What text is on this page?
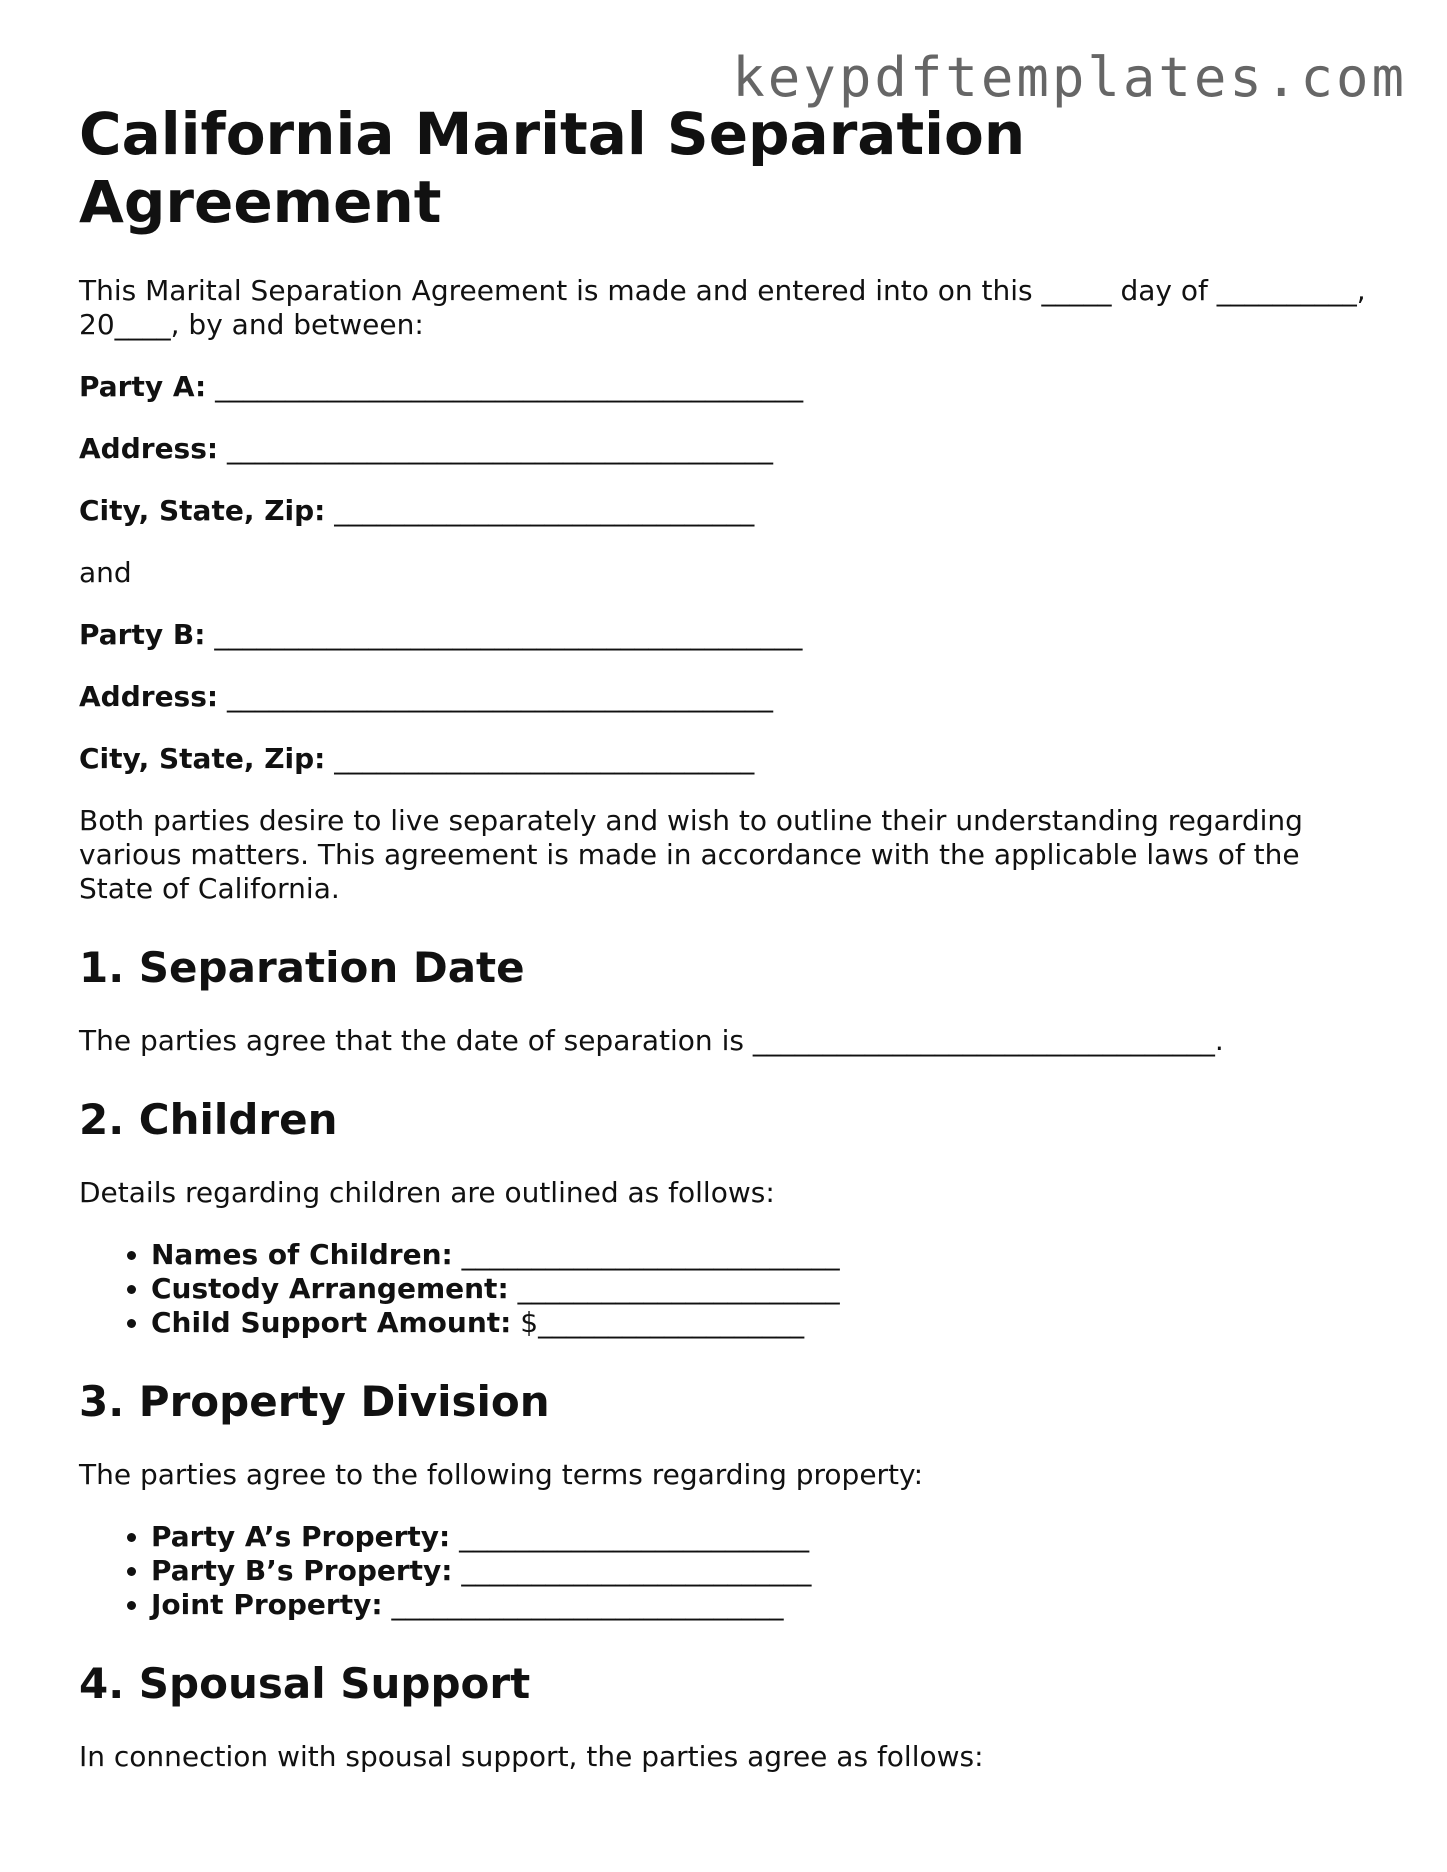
keypdftemplates.com
California Marital Separation Agreement

This Marital Separation Agreement is made and entered into on this _____ day of __________, 20____, by and between:

Party A: __________________________________________
Address: _______________________________________
City, State, Zip: ______________________________

and

Party B: __________________________________________
Address: _______________________________________
City, State, Zip: ______________________________

Both parties desire to live separately and wish to outline their understanding regarding various matters. This agreement is made in accordance with the applicable laws of the State of California.

1. Separation Date

The parties agree that the date of separation is _________________________________.

2. Children

Details regarding children are outlined as follows:

• Names of Children: ___________________________
• Custody Arrangement: _______________________
• Child Support Amount: $___________________
3. Property Division

The parties agree to the following terms regarding property:

• Party A’s Property: _________________________
• Party B’s Property: _________________________
• Joint Property: ____________________________
4. Spousal Support

In connection with spousal support, the parties agree as follows:
